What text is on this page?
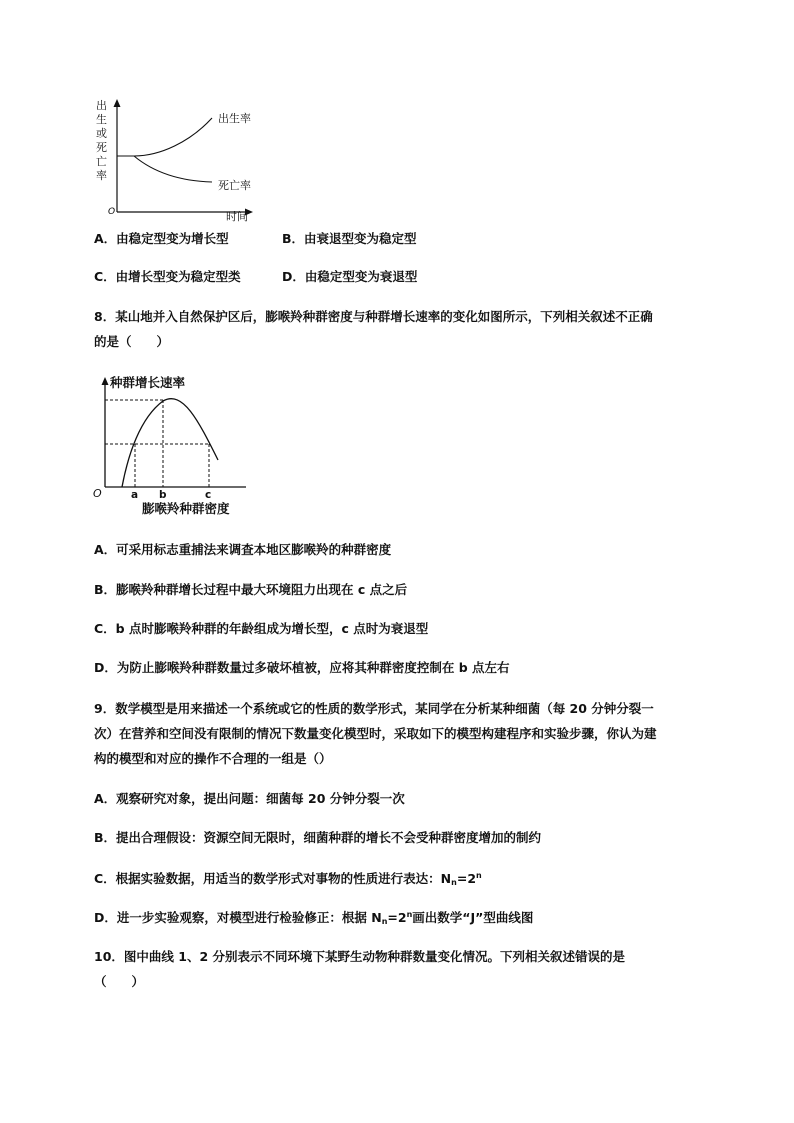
出
生
或
死
亡
率
O	时间
出生率
死亡率
A．由稳定型变为增长型	B．由衰退型变为稳定型
C．由增长型变为稳定型类	D．由稳定型变为衰退型
8．某山地并入自然保护区后，膨喉羚种群密度与种群增长速率的变化如图所示，下列相关叙述不正确
的是（　　）
种群增长速率
O	a b	c
膨喉羚种群密度
A．可采用标志重捕法来调查本地区膨喉羚的种群密度
B．膨喉羚种群增长过程中最大环境阻力出现在 c 点之后
C．b 点时膨喉羚种群的年龄组成为增长型，c 点时为衰退型
D．为防止膨喉羚种群数量过多破坏植被，应将其种群密度控制在 b 点左右
9．数学模型是用来描述一个系统或它的性质的数学形式，某同学在分析某种细菌（每 20 分钟分裂一
次）在营养和空间没有限制的情况下数量变化模型时，采取如下的模型构建程序和实验步骤，你认为建
构的模型和对应的操作不合理的一组是（）
A．观察研究对象，提出问题：细菌每 20 分钟分裂一次
B．提出合理假设：资源空间无限时，细菌种群的增长不会受种群密度增加的制约
C．根据实验数据，用适当的数学形式对事物的性质进行表达：$N_n=2^n$
D．进一步实验观察，对模型进行检验修正：根据 $N_n=2^n$画出数学“J”型曲线图
10．图中曲线 1、2 分别表示不同环境下某野生动物种群数量变化情况。下列相关叙述错误的是
（　　）
